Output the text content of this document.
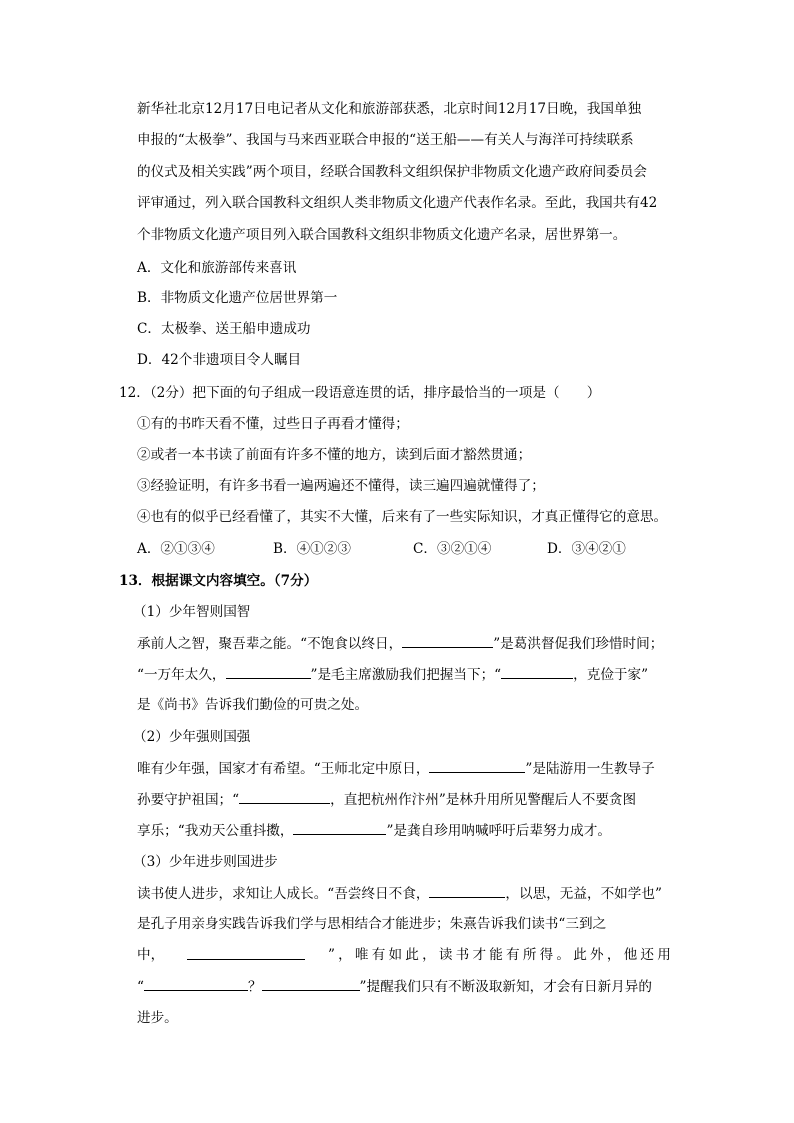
新华社北京12月17日电记者从文化和旅游部获悉，北京时间12月17日晚，我国单独
申报的“太极拳”、我国与马来西亚联合申报的“送王船——有关人与海洋可持续联系
的仪式及相关实践”两个项目，经联合国教科文组织保护非物质文化遗产政府间委员会
评审通过，列入联合国教科文组织人类非物质文化遗产代表作名录。至此，我国共有42
个非物质文化遗产项目列入联合国教科文组织非物质文化遗产名录，居世界第一。
A．文化和旅游部传来喜讯
B．非物质文化遗产位居世界第一
C．太极拳、送王船申遗成功
D．42个非遗项目令人瞩目
12．（2分）把下面的句子组成一段语意连贯的话，排序最恰当的一项是（　　）
①有的书昨天看不懂，过些日子再看才懂得；
②或者一本书读了前面有许多不懂的地方，读到后面才豁然贯通；
③经验证明，有许多书看一遍两遍还不懂得，读三遍四遍就懂得了；
④也有的似乎已经看懂了，其实不大懂，后来有了一些实际知识，才真正懂得它的意思。
A．②①③④	B．④①②③	C．③②①④	D．③④②①
13．根据课文内容填空。（7分）
（1）少年智则国智
承前人之智，聚吾辈之能。“不饱食以终日，	”是葛洪督促我们珍惜时间；
“一万年太久，	”是毛主席激励我们把握当下；“	，克俭于家”
是《尚书》告诉我们勤俭的可贵之处。
（2）少年强则国强
唯有少年强，国家才有希望。“王师北定中原日，	”是陆游用一生教导子
孙要守护祖国；“	，直把杭州作汴州”是林升用所见警醒后人不要贪图
享乐；“我劝天公重抖擞，	”是龚自珍用呐喊呼吁后辈努力成才。
（3）少年进步则国进步
读书使人进步，求知让人成长。“吾尝终日不食，	，以思，无益，不如学也”
是孔子用亲身实践告诉我们学与思相结合才能进步；朱熹告诉我们读书“三到之
中，	”，唯有如此，读书才能有所得。此外，他还用
“	？	”提醒我们只有不断汲取新知，才会有日新月异的
进步。
